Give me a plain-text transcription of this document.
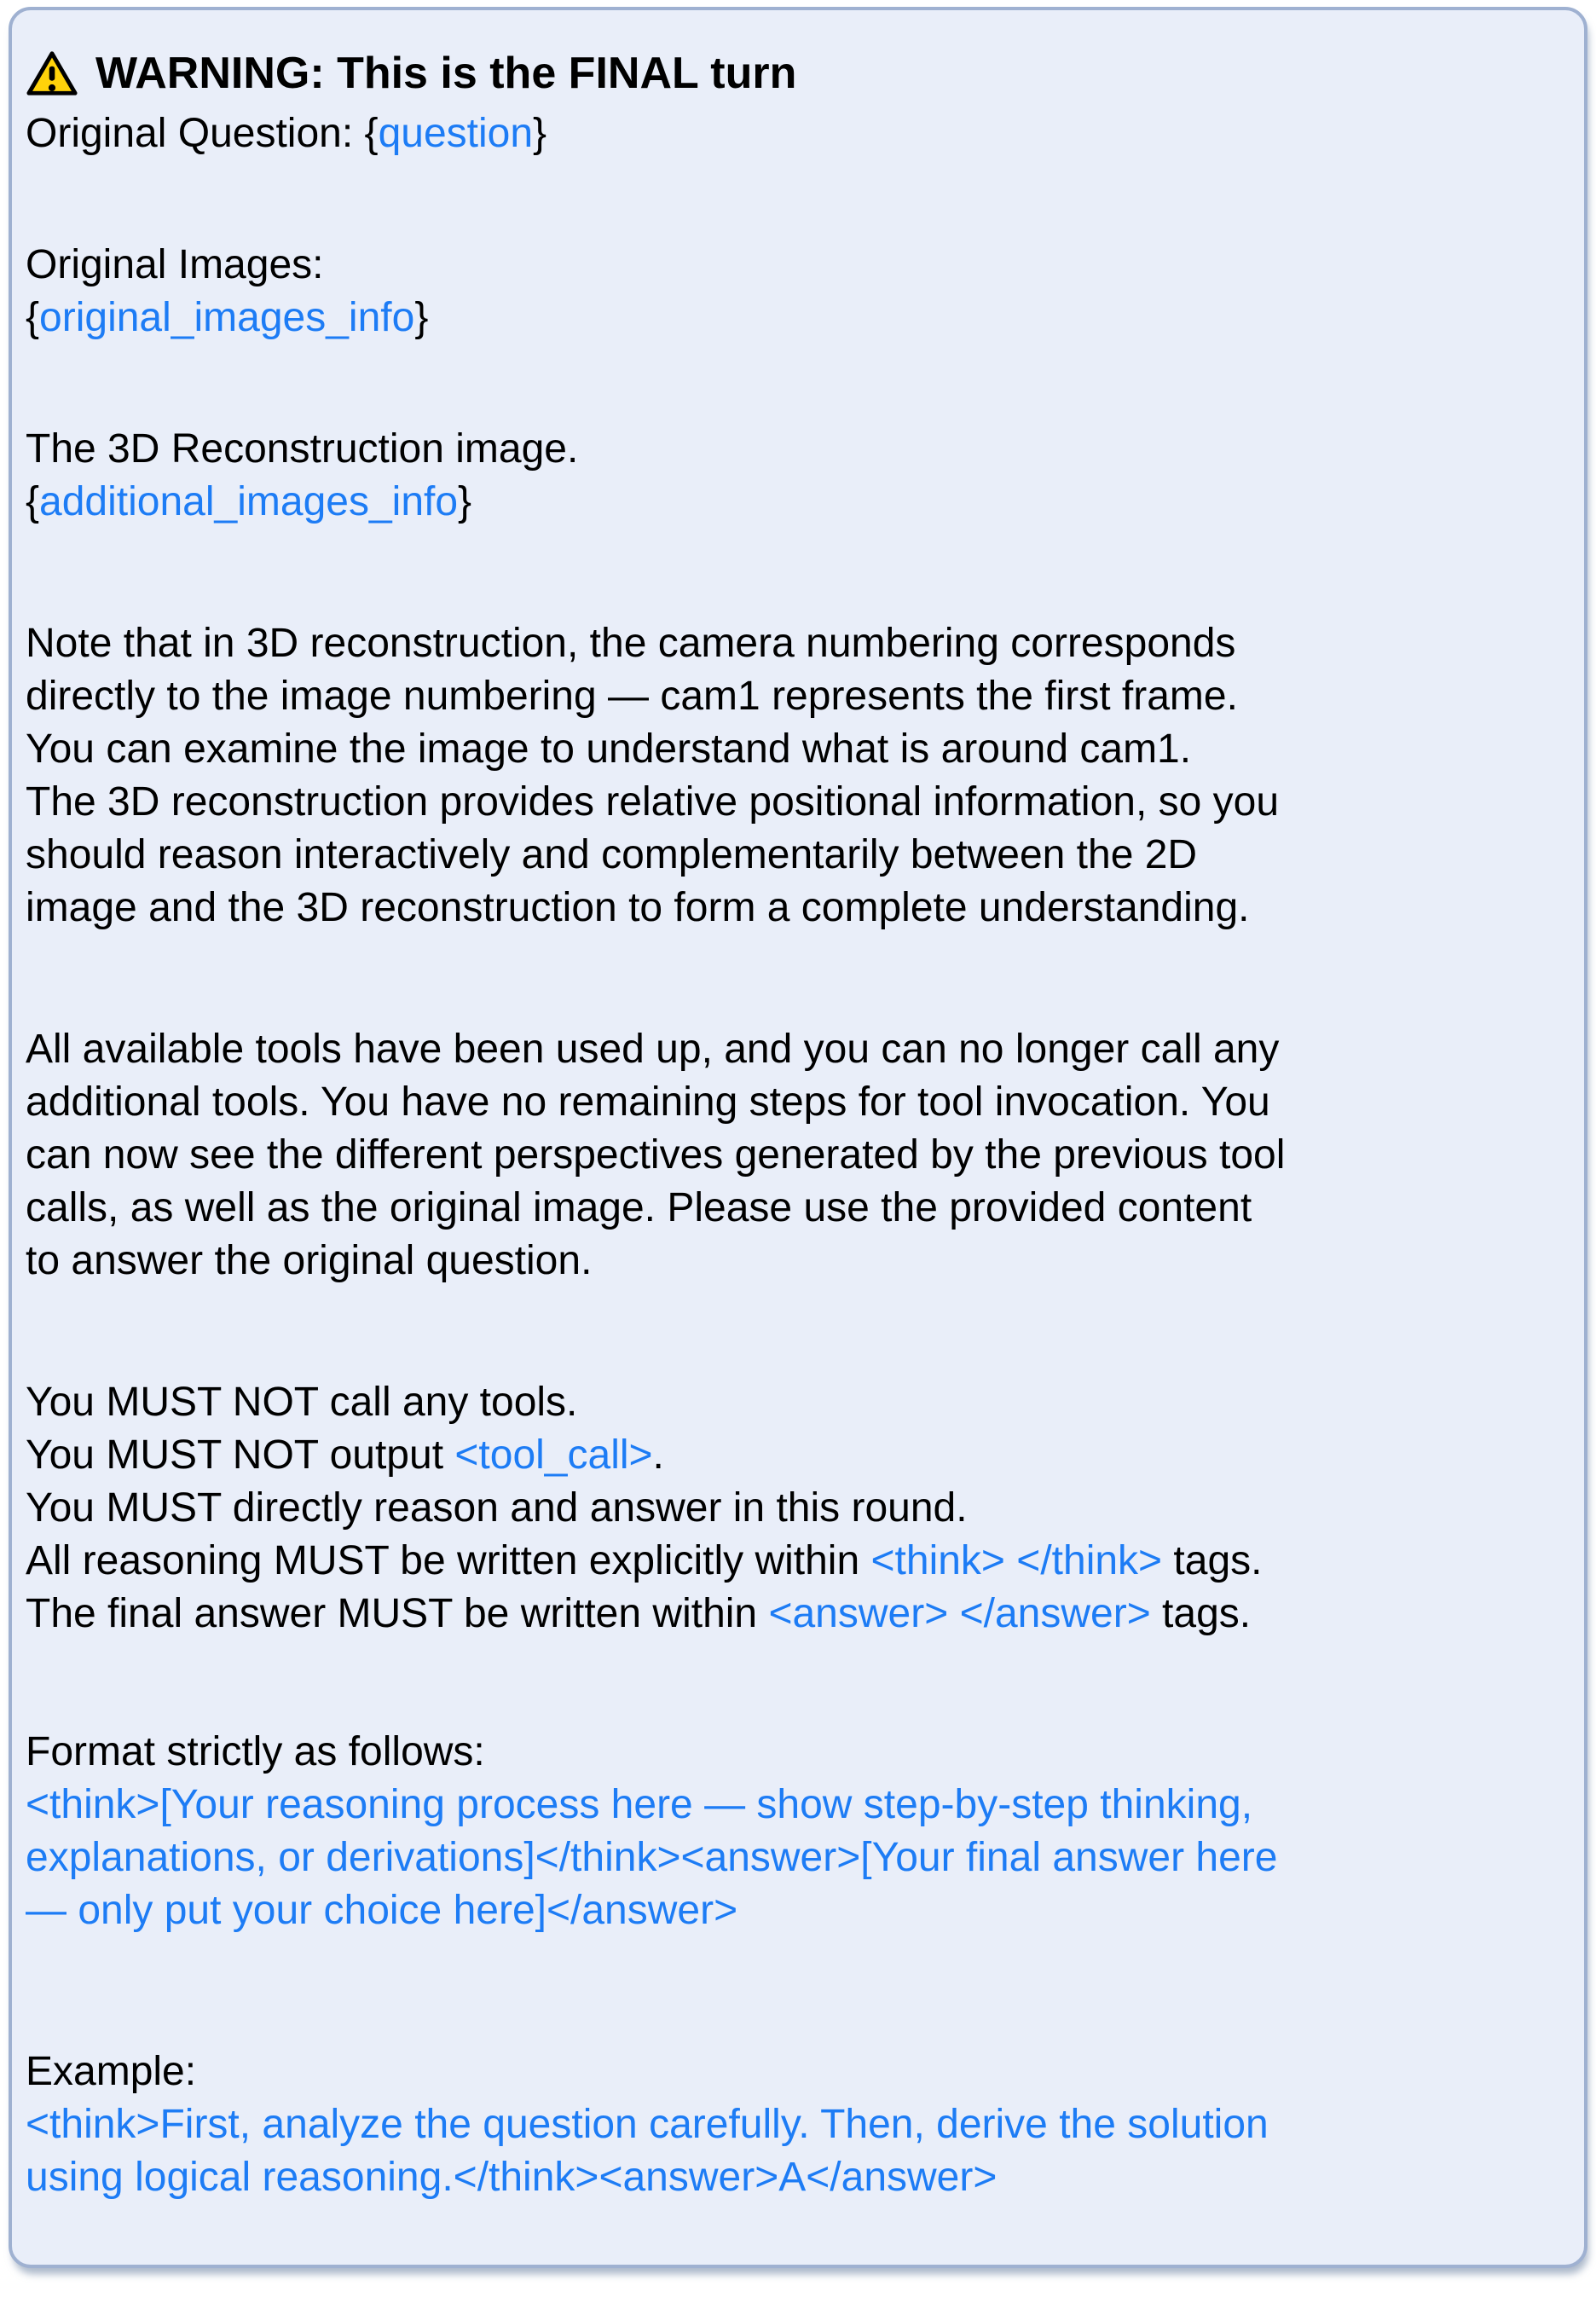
WARNING: This is the FINAL turn
Original Question: {question}
Original Images:
{original_images_info}
The 3D Reconstruction image.
{additional_images_info}
Note that in 3D reconstruction, the camera numbering corresponds
directly to the image numbering — cam1 represents the first frame.
You can examine the image to understand what is around cam1.
The 3D reconstruction provides relative positional information, so you
should reason interactively and complementarily between the 2D
image and the 3D reconstruction to form a complete understanding.
All available tools have been used up, and you can no longer call any
additional tools. You have no remaining steps for tool invocation. You
can now see the different perspectives generated by the previous tool
calls, as well as the original image. Please use the provided content
to answer the original question.
You MUST NOT call any tools.
You MUST NOT output <tool_call>.
You MUST directly reason and answer in this round.
All reasoning MUST be written explicitly within <think> </think> tags.
The final answer MUST be written within <answer> </answer> tags.
Format strictly as follows:
<think>[Your reasoning process here — show step-by-step thinking,
explanations, or derivations]</think><answer>[Your final answer here
— only put your choice here]</answer>
Example:
<think>First, analyze the question carefully. Then, derive the solution
using logical reasoning.</think><answer>A</answer>
